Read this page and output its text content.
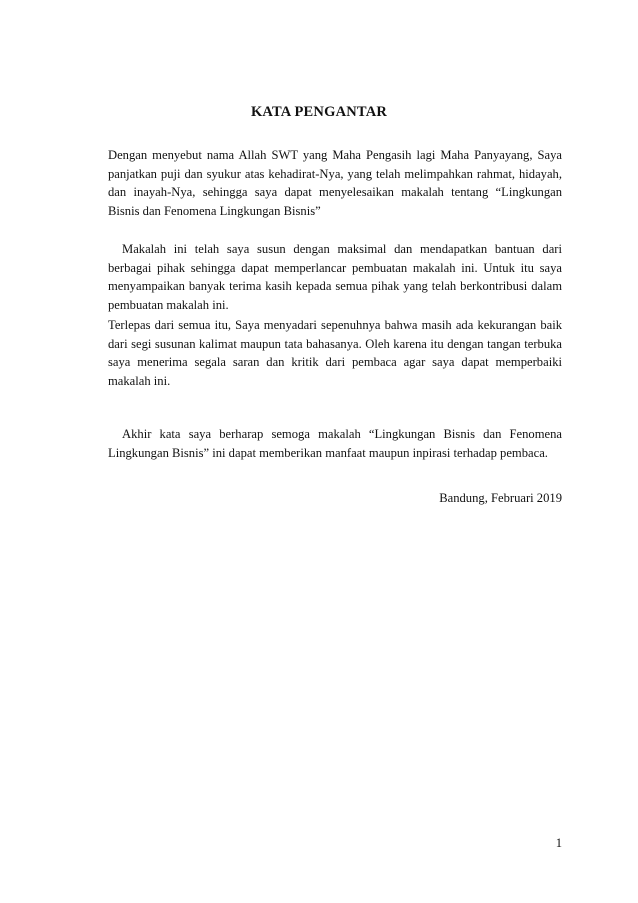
KATA PENGANTAR

Dengan menyebut nama Allah SWT yang Maha Pengasih lagi Maha Panyayang, Saya panjatkan puji dan syukur atas kehadirat-Nya, yang telah melimpahkan rahmat, hidayah, dan inayah-Nya, sehingga saya dapat menyelesaikan makalah tentang “Lingkungan Bisnis dan Fenomena Lingkungan Bisnis”

Makalah ini telah saya susun dengan maksimal dan mendapatkan bantuan dari berbagai pihak sehingga dapat memperlancar pembuatan makalah ini. Untuk itu saya menyampaikan banyak terima kasih kepada semua pihak yang telah berkontribusi dalam pembuatan makalah ini.

Terlepas dari semua itu, Saya menyadari sepenuhnya bahwa masih ada kekurangan baik dari segi susunan kalimat maupun tata bahasanya. Oleh karena itu dengan tangan terbuka saya menerima segala saran dan kritik dari pembaca agar saya dapat memperbaiki makalah ini.

Akhir kata saya berharap semoga makalah “Lingkungan Bisnis dan Fenomena Lingkungan Bisnis” ini dapat memberikan manfaat maupun inpirasi terhadap pembaca.

Bandung, Februari 2019
1
